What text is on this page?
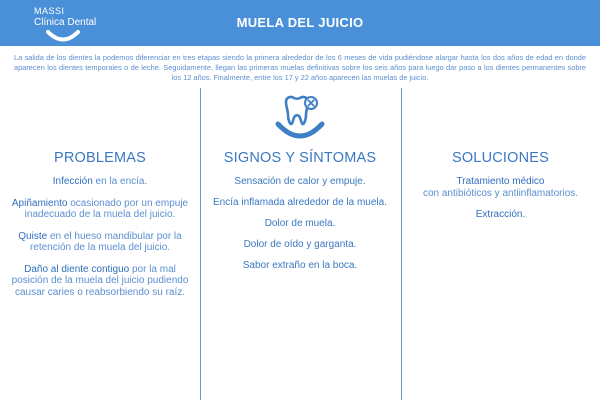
MASSI
Clínica Dental	MUELA DEL JUICIO

La salida de los dientes la podemos diferenciar en tres etapas siendo la primera alrededor de los 6 meses de vida pudiéndose alargar hasta los dos años de edad en donde aparecen los dientes temporales o de leche. Seguidamente, llegan las primeras muelas definitivas sobre los seis años para luego dar paso a los dientes permanentes sobre los 12 años. Finalmente, entre los 17 y 22 años aparecen las muelas de juicio.

PROBLEMAS
Infección en la encía.
Apiñamiento ocasionado por un empuje inadecuado de la muela del juicio.
Quiste en el hueso mandibular por la retención de la muela del juicio.
Daño al diente contiguo por la mal posición de la muela del juicio pudiendo causar caries o reabsorbiendo su raíz.
SIGNOS Y SÍNTOMAS
Sensación de calor y empuje.
Encía inflamada alrededor de la muela.
Dolor de muela.
Dolor de oído y garganta.
Sabor extraño en la boca.
SOLUCIONES
Tratamiento médico
con antibióticos y antiinflamatorios.
Extracción.
